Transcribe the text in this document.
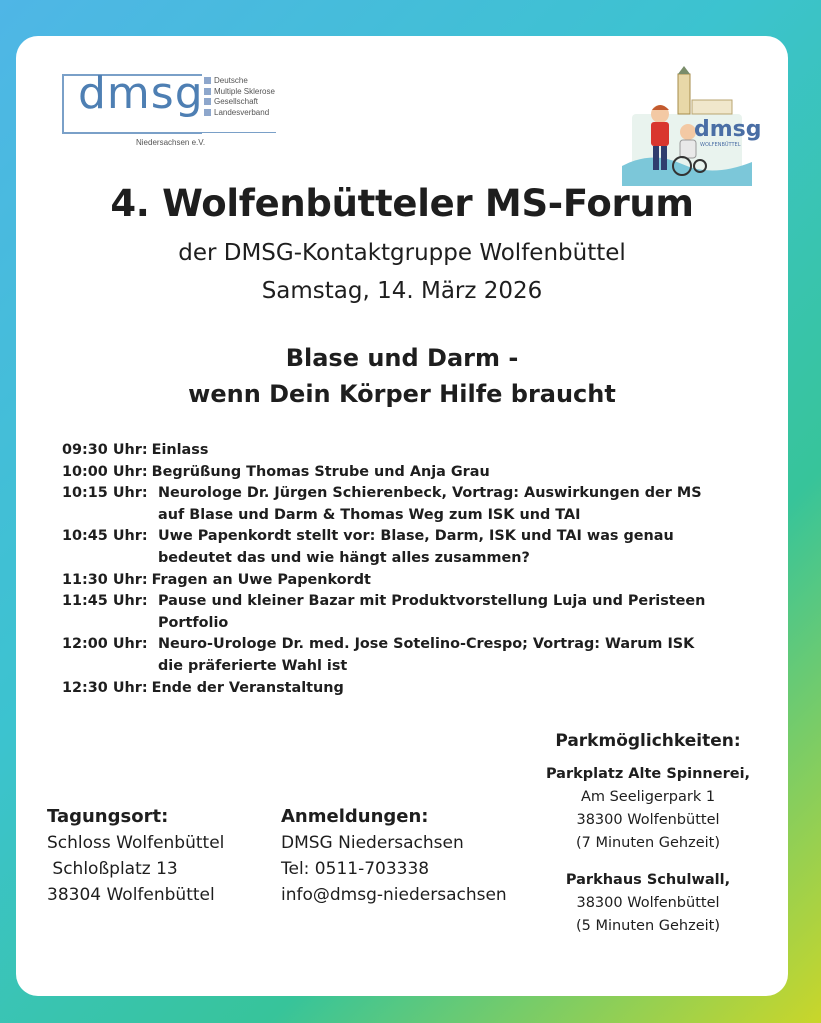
dmsg	Deutsche
Multiple Sklerose
Gesellschaft
Landesverband
Niedersachsen e.V.
dmsg
WOLFENBÜTTEL
4. Wolfenbütteler MS-Forum
der DMSG-Kontaktgruppe Wolfenbüttel
Samstag, 14. März 2026
Blase und Darm -
wenn Dein Körper Hilfe braucht
09:30 Uhr: Einlass
10:00 Uhr: Begrüßung Thomas Strube und Anja Grau
10:15 Uhr: Neurologe Dr. Jürgen Schierenbeck, Vortrag: Auswirkungen der MS
auf Blase und Darm & Thomas Weg zum ISK und TAI
10:45 Uhr: Uwe Papenkordt stellt vor: Blase, Darm, ISK und TAI was genau
bedeutet das und wie hängt alles zusammen?
11:30 Uhr: Fragen an Uwe Papenkordt
11:45 Uhr: Pause und kleiner Bazar mit Produktvorstellung Luja und Peristeen
Portfolio
12:00 Uhr: Neuro-Urologe Dr. med. Jose Sotelino-Crespo; Vortrag: Warum ISK
die präferierte Wahl ist
12:30 Uhr: Ende der Veranstaltung
Tagungsort:
Schloss Wolfenbüttel
Schloßplatz 13
38304 Wolfenbüttel
Anmeldungen:
DMSG Niedersachsen
Tel: 0511-703338
info@dmsg-niedersachsen
Parkmöglichkeiten:
Parkplatz Alte Spinnerei,
Am Seeligerpark 1
38300 Wolfenbüttel
(7 Minuten Gehzeit)
Parkhaus Schulwall,
38300 Wolfenbüttel
(5 Minuten Gehzeit)
